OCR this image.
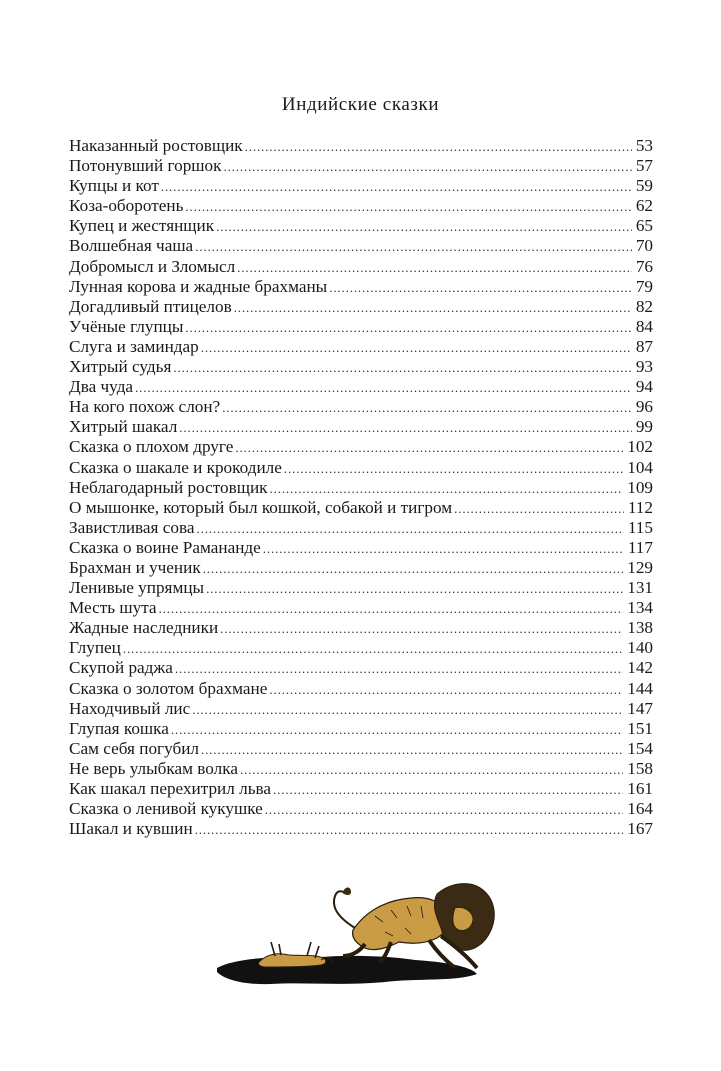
Индийские сказки
Наказанный ростовщик . . .	53
Потонувший горшок . . .	57
Купцы и кот . . .	59
Коза-оборотень . . .	62
Купец и жестянщик . . .	65
Волшебная чаша . . .	70
Добромысл и Зломысл . . .	76
Лунная корова и жадные брахманы . . .	79
Догадливый птицелов . . .	82
Учёные глупцы . . .	84
Слуга и заминдар . . .	87
Хитрый судья . . .	93
Два чуда . . .	94
На кого похож слон? . . .	96
Хитрый шакал . . .	99
Сказка о плохом друге . . .	102
Сказка о шакале и крокодиле . . .	104
Неблагодарный ростовщик . . .	109
О мышонке, который был кошкой, собакой и тигром . . .	112
Завистливая сова . . .	115
Сказка о воине Рамананде . . .	117
Брахман и ученик . . .	129
Ленивые упрямцы . . .	131
Месть шута . . .	134
Жадные наследники . . .	138
Глупец . . .	140
Скупой раджа . . .	142
Сказка о золотом брахмане . . .	144
Находчивый лис . . .	147
Глупая кошка . . .	151
Сам себя погубил . . .	154
Не верь улыбкам волка . . .	158
Как шакал перехитрил льва . . .	161
Сказка о ленивой кукушке . . .	164
Шакал и кувшин . . .	167
